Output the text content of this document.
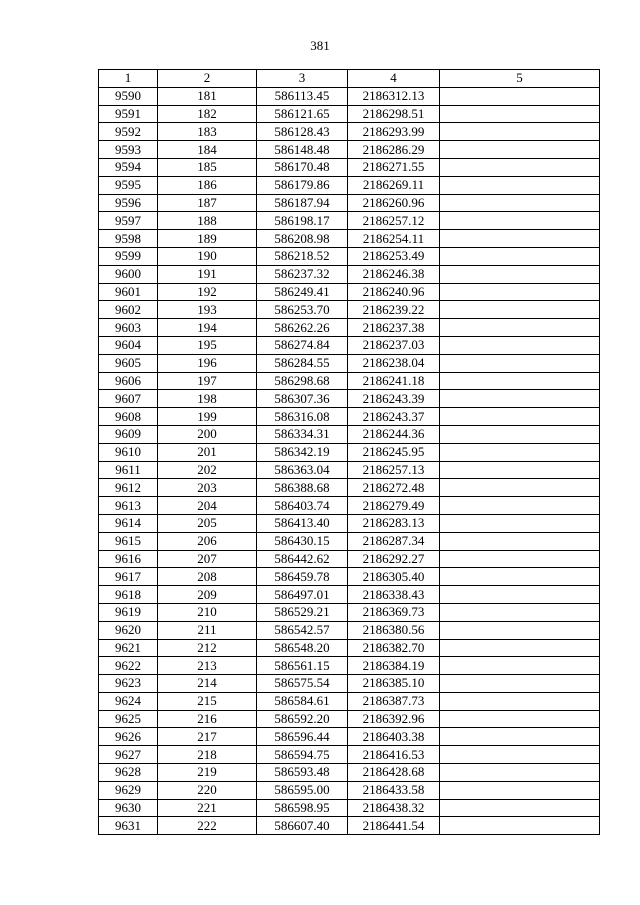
381
1	2	3	4	5
9590	181	586113.45	2186312.13	
9591	182	586121.65	2186298.51	
9592	183	586128.43	2186293.99	
9593	184	586148.48	2186286.29	
9594	185	586170.48	2186271.55	
9595	186	586179.86	2186269.11	
9596	187	586187.94	2186260.96	
9597	188	586198.17	2186257.12	
9598	189	586208.98	2186254.11	
9599	190	586218.52	2186253.49	
9600	191	586237.32	2186246.38	
9601	192	586249.41	2186240.96	
9602	193	586253.70	2186239.22	
9603	194	586262.26	2186237.38	
9604	195	586274.84	2186237.03	
9605	196	586284.55	2186238.04	
9606	197	586298.68	2186241.18	
9607	198	586307.36	2186243.39	
9608	199	586316.08	2186243.37	
9609	200	586334.31	2186244.36	
9610	201	586342.19	2186245.95	
9611	202	586363.04	2186257.13	
9612	203	586388.68	2186272.48	
9613	204	586403.74	2186279.49	
9614	205	586413.40	2186283.13	
9615	206	586430.15	2186287.34	
9616	207	586442.62	2186292.27	
9617	208	586459.78	2186305.40	
9618	209	586497.01	2186338.43	
9619	210	586529.21	2186369.73	
9620	211	586542.57	2186380.56	
9621	212	586548.20	2186382.70	
9622	213	586561.15	2186384.19	
9623	214	586575.54	2186385.10	
9624	215	586584.61	2186387.73	
9625	216	586592.20	2186392.96	
9626	217	586596.44	2186403.38	
9627	218	586594.75	2186416.53	
9628	219	586593.48	2186428.68	
9629	220	586595.00	2186433.58	
9630	221	586598.95	2186438.32	
9631	222	586607.40	2186441.54	
